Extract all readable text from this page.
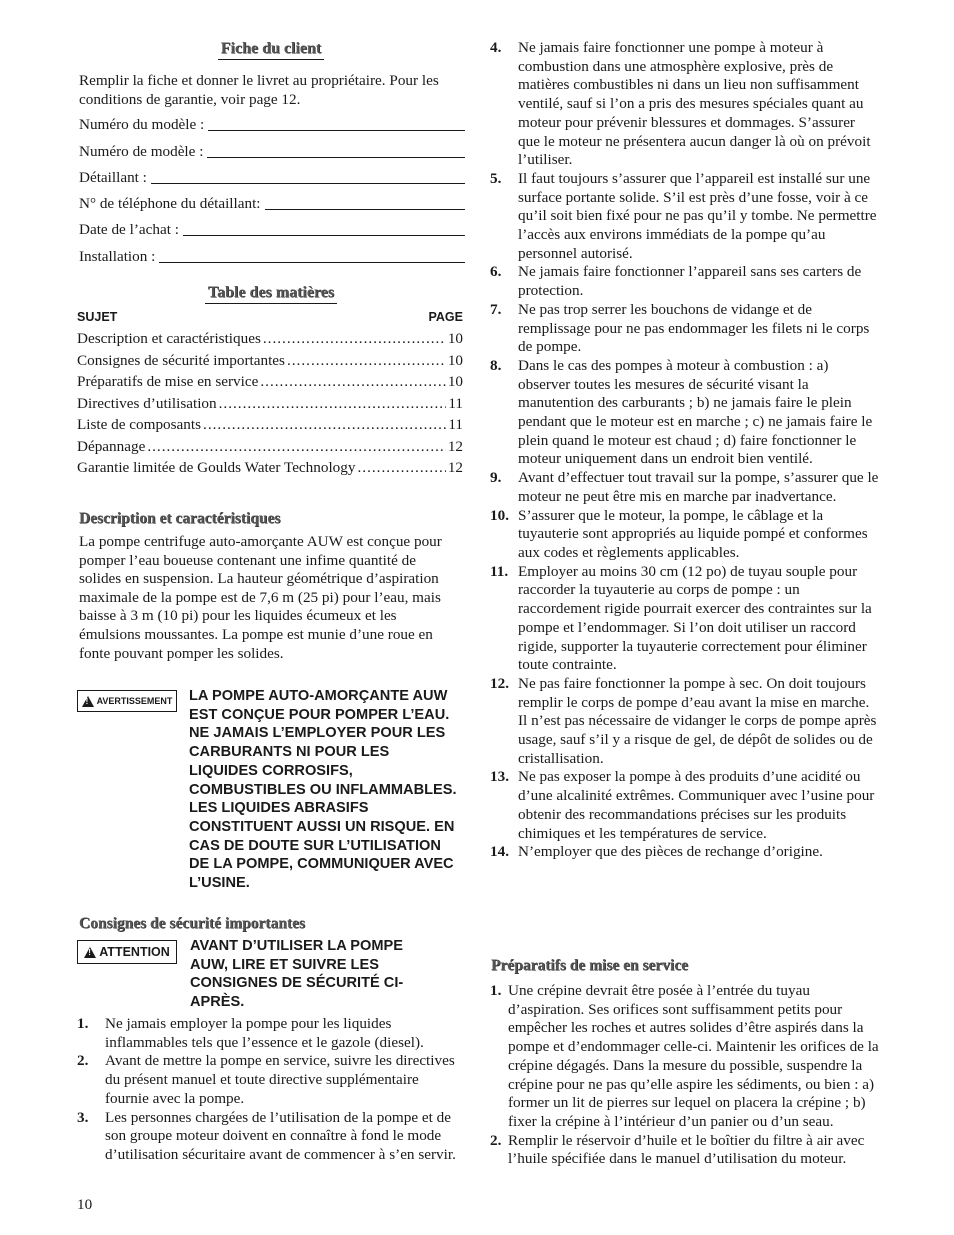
Fiche du client

Remplir la fiche et donner le livret au propriétaire. Pour les conditions de garantie, voir page 12.

Numéro du modèle :
Numéro de modèle :
Détaillant :
N° de téléphone du détaillant:
Date de l’achat :
Installation :
Table des matières
SUJET	PAGE
Description et caractéristiques .....	10
Consignes de sécurité importantes .....	10
Préparatifs de mise en service .....	10
Directives d’utilisation .....	11
Liste de composants .....	11
Dépannage .....	12
Garantie limitée de Goulds Water Technology .....	12
Description et caractéristiques

La pompe centrifuge auto-amorçante AUW est conçue pour pomper l’eau boueuse contenant une infime quantité de solides en suspension. La hauteur géométrique d’aspiration maximale de la pompe est de 7,6 m (25 pi) pour l’eau, mais baisse à 3 m (10 pi) pour les liquides écumeux et les émulsions moussantes. La pompe est munie d’une roue en fonte pouvant pomper les solides.

!
AVERTISSEMENT LA POMPE AUTO-AMORÇANTE AUW EST CONÇUE POUR POMPER L’EAU. NE JAMAIS L’EMPLOYER POUR LES CARBURANTS NI POUR LES LIQUIDES CORROSIFS, COMBUSTIBLES OU INFLAMMABLES. LES LIQUIDES ABRASIFS CONSTITUENT AUSSI UN RISQUE. EN CAS DE DOUTE SUR L’UTILISATION DE LA POMPE, COMMUNIQUER AVEC L’USINE.

Consignes de sécurité importantes
!
ATTENTION AVANT D’UTILISER LA POMPE AUW, LIRE ET SUIVRE LES CONSIGNES DE SÉCURITÉ CI-APRÈS.

1. Ne jamais employer la pompe pour les liquides inflammables tels que l’essence et le gazole (diesel).
2. Avant de mettre la pompe en service, suivre les directives du présent manuel et toute directive supplémentaire fournie avec la pompe.
3. Les personnes chargées de l’utilisation de la pompe et de son groupe moteur doivent en connaître à fond le mode d’utilisation sécuritaire avant de commencer à s’en servir.
4. Ne jamais faire fonctionner une pompe à moteur à combustion dans une atmosphère explosive, près de matières combustibles ni dans un lieu non suffisamment ventilé, sauf si l’on a pris des mesures spéciales quant au moteur pour prévenir blessures et dommages. S’assurer que le moteur ne présentera aucun danger là où on prévoit l’utiliser.
5. Il faut toujours s’assurer que l’appareil est installé sur une surface portante solide. S’il est près d’une fosse, voir à ce qu’il soit bien fixé pour ne pas qu’il y tombe. Ne permettre l’accès aux environs immédiats de la pompe qu’au personnel autorisé.
6. Ne jamais faire fonctionner l’appareil sans ses carters de protection.
7. Ne pas trop serrer les bouchons de vidange et de remplissage pour ne pas endommager les filets ni le corps de pompe.
8. Dans le cas des pompes à moteur à combustion : a) observer toutes les mesures de sécurité visant la manutention des carburants ; b) ne jamais faire le plein pendant que le moteur est en marche ; c) ne jamais faire le plein quand le moteur est chaud ; d) faire fonctionner le moteur uniquement dans un endroit bien ventilé.
9. Avant d’effectuer tout travail sur la pompe, s’assurer que le moteur ne peut être mis en marche par inadvertance.
10. S’assurer que le moteur, la pompe, le câblage et la tuyauterie sont appropriés au liquide pompé et conformes aux codes et règlements applicables.
11. Employer au moins 30 cm (12 po) de tuyau souple pour raccorder la tuyauterie au corps de pompe : un raccordement rigide pourrait exercer des contraintes sur la pompe et l’endommager. Si l’on doit utiliser un raccord rigide, supporter la tuyauterie correctement pour éliminer toute contrainte.
12. Ne pas faire fonctionner la pompe à sec. On doit toujours remplir le corps de pompe d’eau avant la mise en marche. Il n’est pas nécessaire de vidanger le corps de pompe après usage, sauf s’il y a risque de gel, de dépôt de solides ou de cristallisation.
13. Ne pas exposer la pompe à des produits d’une acidité ou d’une alcalinité extrêmes. Communiquer avec l’usine pour obtenir des recommandations précises sur les produits chimiques et les températures de service.
14. N’employer que des pièces de rechange d’origine.
Préparatifs de mise en service
1. Une crépine devrait être posée à l’entrée du tuyau d’aspiration. Ses orifices sont suffisamment petits pour empêcher les roches et autres solides d’être aspirés dans la pompe et d’endommager celle-ci. Maintenir les orifices de la crépine dégagés. Dans la mesure du possible, suspendre la crépine pour ne pas qu’elle aspire les sédiments, ou bien : a) former un lit de pierres sur lequel on placera la crépine ; b) fixer la crépine à l’intérieur d’un panier ou d’un seau.
2. Remplir le réservoir d’huile et le boîtier du filtre à air avec l’huile spécifiée dans le manuel d’utilisation du moteur.
10
